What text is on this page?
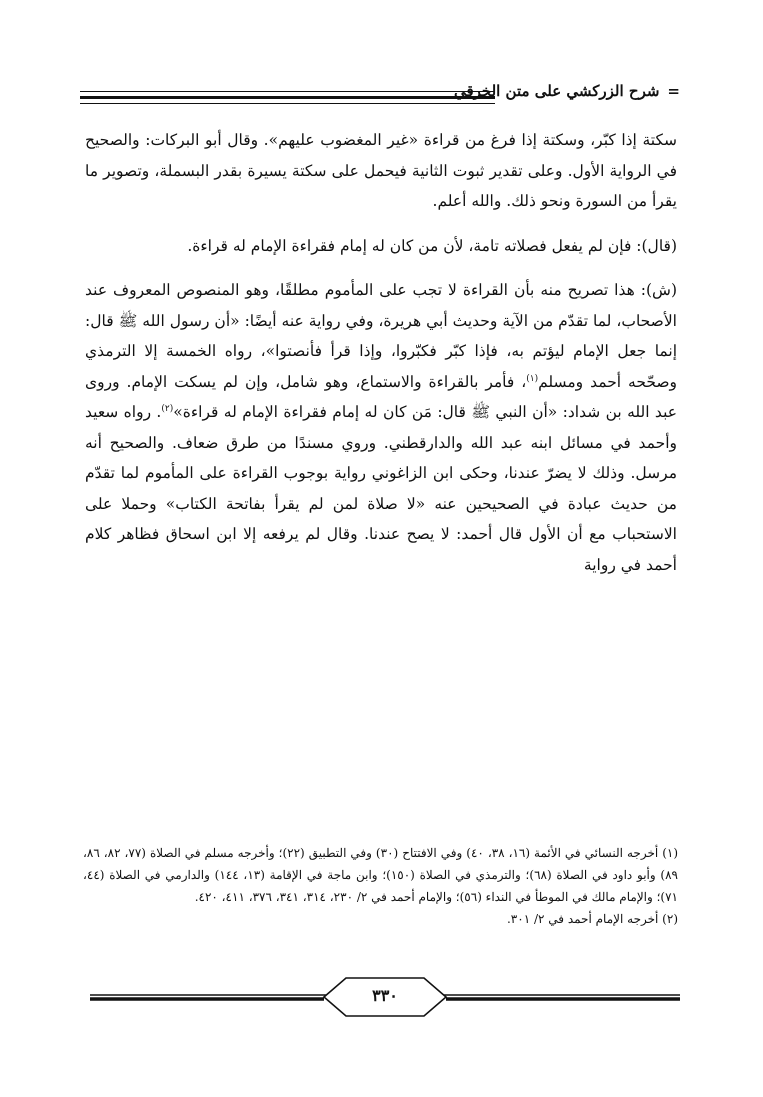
=شرح الزركشي على متن الخرقي

سكتة إذا كبّر، وسكتة إذا فرغ من قراءة «غير المغضوب عليهم». وقال أبو البركات: والصحيح في الرواية الأول. وعلى تقدير ثبوت الثانية فيحمل على سكتة يسيرة بقدر البسملة، وتصوير ما يقرأ من السورة ونحو ذلك. والله أعلم.

(قال): فإن لم يفعل فصلاته تامة، لأن من كان له إمام فقراءة الإمام له قراءة.

(ش): هذا تصريح منه بأن القراءة لا تجب على المأموم مطلقًا، وهو المنصوص المعروف عند الأصحاب، لما تقدّم من الآية وحديث أبي هريرة، وفي رواية عنه أيضًا: «أن رسول الله ﷺ قال: إنما جعل الإمام ليؤتم به، فإذا كبّر فكبّروا، وإذا قرأ فأنصتوا»، رواه الخمسة إلا الترمذي وصحّحه أحمد ومسلم$^{(١)}$، فأمر بالقراءة والاستماع، وهو شامل، وإن لم يسكت الإمام. وروى عبد الله بن شداد: «أن النبي ﷺ قال: مَن كان له إمام فقراءة الإمام له قراءة»$^{(٢)}$. رواه سعيد وأحمد في مسائل ابنه عبد الله والدارقطني. وروي مسندًا من طرق ضعاف. والصحيح أنه مرسل. وذلك لا يضرّ عندنا، وحكى ابن الزاغوني رواية بوجوب القراءة على المأموم لما تقدّم من حديث عبادة في الصحيحين عنه «لا صلاة لمن لم يقرأ بفاتحة الكتاب» وحملا على الاستحباب مع أن الأول قال أحمد: لا يصح عندنا. وقال لم يرفعه إلا ابن اسحاق فظاهر كلام أحمد في رواية

(١) أخرجه النسائي في الأئمة (١٦، ٣٨، ٤٠) وفي الافتتاح (٣٠) وفي التطبيق (٢٢)؛ وأخرجه مسلم في الصلاة (٧٧، ٨٢، ٨٦، ٨٩) وأبو داود في الصلاة (٦٨)؛ والترمذي في الصلاة (١٥٠)؛ وابن ماجة في الإقامة (١٣، ١٤٤) والدارمي في الصلاة (٤٤، ٧١)؛ والإمام مالك في الموطأ في النداء (٥٦)؛ والإمام أحمد في ٢/ ٢٣٠، ٣١٤، ٣٤١، ٣٧٦، ٤١١، ٤٢٠.

(٢) أخرجه الإمام أحمد في ٢/ ٣٠١.

٣٣٠
